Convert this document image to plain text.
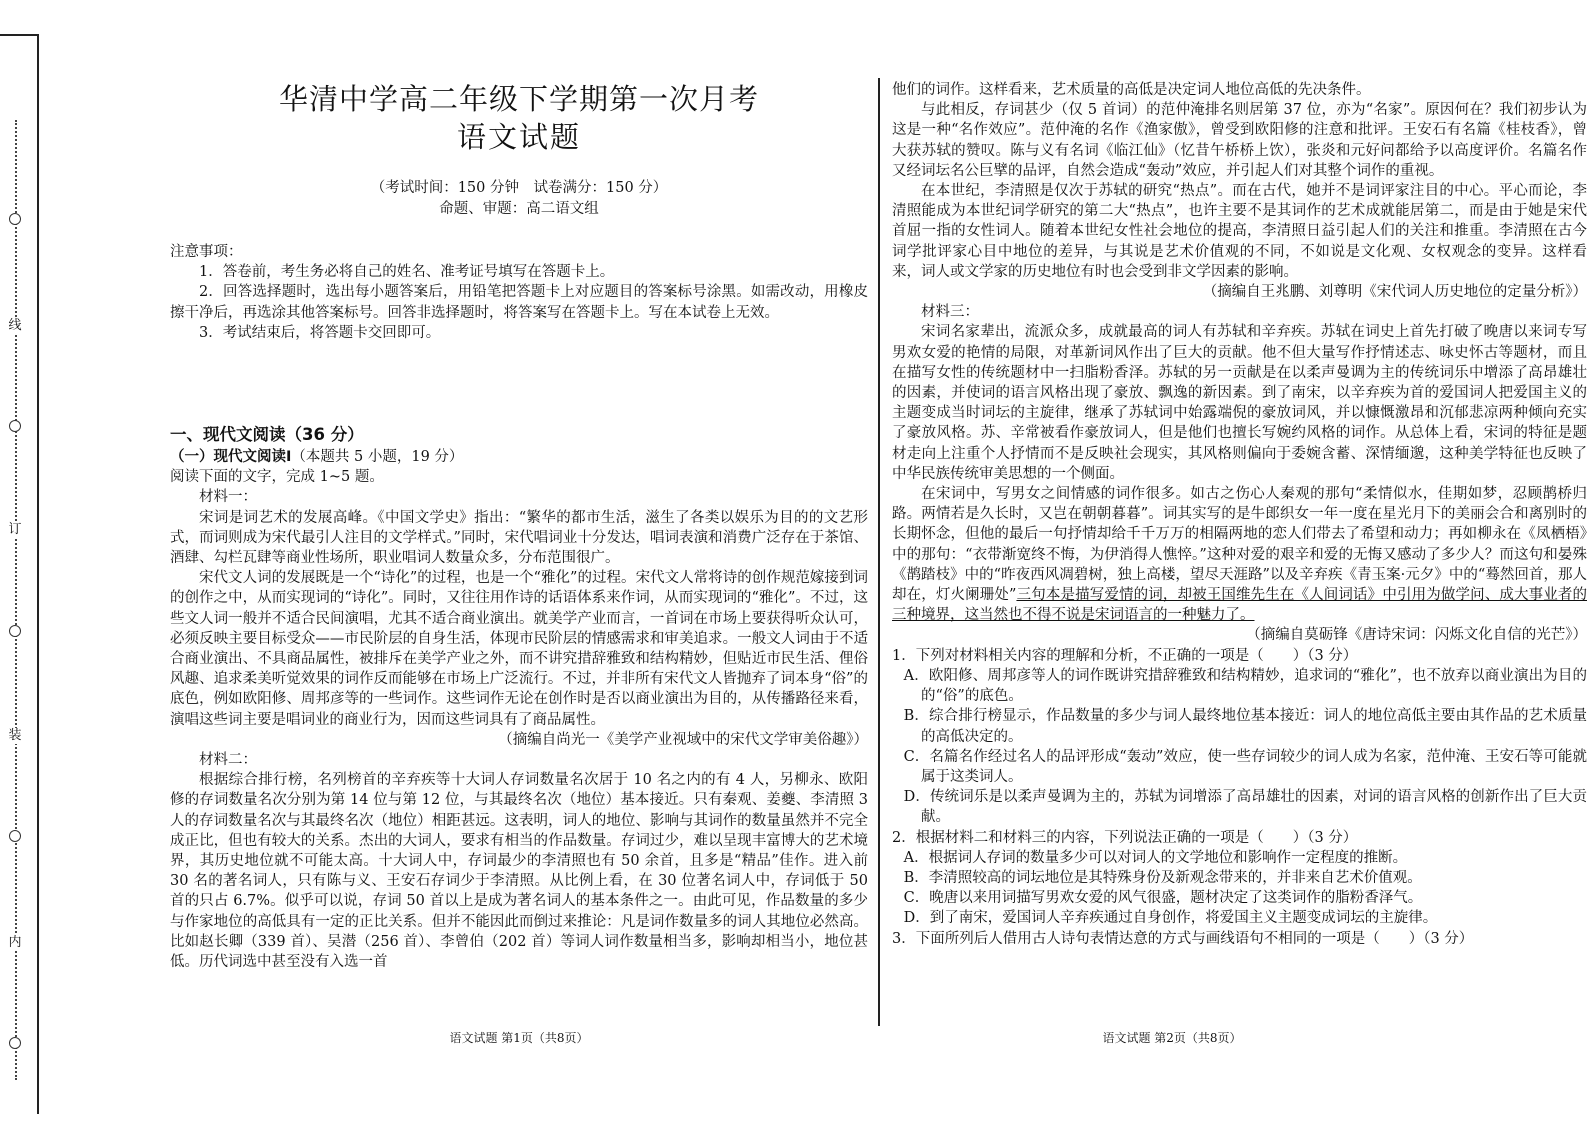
线
订
装
内
华清中学高二年级下学期第一次月考
语文试题
（考试时间：150 分钟　试卷满分：150 分）
命题、审题：高二语文组

注意事项：

1．答卷前，考生务必将自己的姓名、准考证号填写在答题卡上。

2．回答选择题时，选出每小题答案后，用铅笔把答题卡上对应题目的答案标号涂黑。如需改动，用橡皮擦干净后，再选涂其他答案标号。回答非选择题时，将答案写在答题卡上。写在本试卷上无效。

3．考试结束后，将答题卡交回即可。

一、现代文阅读（36 分）

（一）现代文阅读Ⅰ（本题共 5 小题，19 分）

阅读下面的文字，完成 1~5 题。

材料一：

宋词是词艺术的发展高峰。《中国文学史》指出：“繁华的都市生活，滋生了各类以娱乐为目的的文艺形式，而词则成为宋代最引人注目的文学样式。”同时，宋代唱词业十分发达，唱词表演和消费广泛存在于茶馆、酒肆、勾栏瓦肆等商业性场所，职业唱词人数量众多，分布范围很广。

宋代文人词的发展既是一个“诗化”的过程，也是一个“雅化”的过程。宋代文人常将诗的创作规范嫁接到词的创作之中，从而实现词的“诗化”。同时，又往往用作诗的话语体系来作词，从而实现词的“雅化”。不过，这些文人词一般并不适合民间演唱，尤其不适合商业演出。就美学产业而言，一首词在市场上要获得听众认可，必须反映主要目标受众——市民阶层的自身生活，体现市民阶层的情感需求和审美追求。一般文人词由于不适合商业演出、不具商品属性，被排斥在美学产业之外，而不讲究措辞雅致和结构精妙，但贴近市民生活、俚俗风趣、追求柔美听觉效果的词作反而能够在市场上广泛流行。不过，并非所有宋代文人皆抛弃了词本身“俗”的底色，例如欧阳修、周邦彦等的一些词作。这些词作无论在创作时是否以商业演出为目的，从传播路径来看，演唱这些词主要是唱词业的商业行为，因而这些词具有了商品属性。

（摘编自尚光一《美学产业视域中的宋代文学审美俗趣》）

材料二：

根据综合排行榜，名列榜首的辛弃疾等十大词人存词数量名次居于 10 名之内的有 4 人，另柳永、欧阳修的存词数量名次分别为第 14 位与第 12 位，与其最终名次（地位）基本接近。只有秦观、姜夔、李清照 3 人的存词数量名次与其最终名次（地位）相距甚远。这表明，词人的地位、影响与其词作的数量虽然并不完全成正比，但也有较大的关系。杰出的大词人，要求有相当的作品数量。存词过少，难以呈现丰富博大的艺术境界，其历史地位就不可能太高。十大词人中，存词最少的李清照也有 50 余首，且多是“精品”佳作。进入前 30 名的著名词人，只有陈与义、王安石存词少于李清照。从比例上看，在 30 位著名词人中，存词低于 50 首的只占 6.7%。似乎可以说，存词 50 首以上是成为著名词人的基本条件之一。由此可见，作品数量的多少与作家地位的高低具有一定的正比关系。但并不能因此而倒过来推论：凡是词作数量多的词人其地位必然高。比如赵长卿（339 首）、吴潜（256 首）、李曾伯（202 首）等词人词作数量相当多，影响却相当小，地位甚低。历代词选中甚至没有入选一首

他们的词作。这样看来，艺术质量的高低是决定词人地位高低的先决条件。

与此相反，存词甚少（仅 5 首词）的范仲淹排名则居第 37 位，亦为“名家”。原因何在？我们初步认为这是一种“名作效应”。范仲淹的名作《渔家傲》，曾受到欧阳修的注意和批评。王安石有名篇《桂枝香》，曾大获苏轼的赞叹。陈与义有名词《临江仙》（忆昔午桥桥上饮），张炎和元好问都给予以高度评价。名篇名作又经词坛名公巨擘的品评，自然会造成“轰动”效应，并引起人们对其整个词作的重视。

在本世纪，李清照是仅次于苏轼的研究“热点”。而在古代，她并不是词评家注目的中心。平心而论，李清照能成为本世纪词学研究的第二大“热点”，也许主要不是其词作的艺术成就能居第二，而是由于她是宋代首屈一指的女性词人。随着本世纪女性社会地位的提高，李清照日益引起人们的关注和推重。李清照在古今词学批评家心目中地位的差异，与其说是艺术价值观的不同，不如说是文化观、女权观念的变异。这样看来，词人或文学家的历史地位有时也会受到非文学因素的影响。

（摘编自王兆鹏、刘尊明《宋代词人历史地位的定量分析》）

材料三：

宋词名家辈出，流派众多，成就最高的词人有苏轼和辛弃疾。苏轼在词史上首先打破了晚唐以来词专写男欢女爱的艳情的局限，对革新词风作出了巨大的贡献。他不但大量写作抒情述志、咏史怀古等题材，而且在描写女性的传统题材中一扫脂粉香泽。苏轼的另一贡献是在以柔声曼调为主的传统词乐中增添了高昂雄壮的因素，并使词的语言风格出现了豪放、飘逸的新因素。到了南宋，以辛弃疾为首的爱国词人把爱国主义的主题变成当时词坛的主旋律，继承了苏轼词中始露端倪的豪放词风，并以慷慨激昂和沉郁悲凉两种倾向充实了豪放风格。苏、辛常被看作豪放词人，但是他们也擅长写婉约风格的词作。从总体上看，宋词的特征是题材走向上注重个人抒情而不是反映社会现实，其风格则偏向于委婉含蓄、深情缅邈，这种美学特征也反映了中华民族传统审美思想的一个侧面。

在宋词中，写男女之间情感的词作很多。如古之伤心人秦观的那句“柔情似水，佳期如梦，忍顾鹊桥归路。两情若是久长时，又岂在朝朝暮暮”。词其实写的是牛郎织女一年一度在星光月下的美丽会合和离别时的长期怀念，但他的最后一句抒情却给千千万万的相隔两地的恋人们带去了希望和动力；再如柳永在《凤栖梧》中的那句：“衣带渐宽终不悔，为伊消得人憔悴。”这种对爱的艰辛和爱的无悔又感动了多少人？而这句和晏殊《鹊踏枝》中的“昨夜西风凋碧树，独上高楼，望尽天涯路”以及辛弃疾《青玉案·元夕》中的“蓦然回首，那人却在，灯火阑珊处”三句本是描写爱情的词，却被王国维先生在《人间词话》中引用为做学问、成大事业者的三种境界，这当然也不得不说是宋词语言的一种魅力了。

（摘编自莫砺锋《唐诗宋词：闪烁文化自信的光芒》）

1．下列对材料相关内容的理解和分析，不正确的一项是（　　）（3 分）

A．欧阳修、周邦彦等人的词作既讲究措辞雅致和结构精妙，追求词的“雅化”，也不放弃以商业演出为目的的“俗”的底色。

B．综合排行榜显示，作品数量的多少与词人最终地位基本接近：词人的地位高低主要由其作品的艺术质量的高低决定的。

C．名篇名作经过名人的品评形成“轰动”效应，使一些存词较少的词人成为名家，范仲淹、王安石等可能就属于这类词人。

D．传统词乐是以柔声曼调为主的，苏轼为词增添了高昂雄壮的因素，对词的语言风格的创新作出了巨大贡献。

2．根据材料二和材料三的内容，下列说法正确的一项是（　　）（3 分）

A．根据词人存词的数量多少可以对词人的文学地位和影响作一定程度的推断。

B．李清照较高的词坛地位是其特殊身份及新观念带来的，并非来自艺术价值观。

C．晚唐以来用词描写男欢女爱的风气很盛，题材决定了这类词作的脂粉香泽气。

D．到了南宋，爱国词人辛弃疾通过自身创作，将爱国主义主题变成词坛的主旋律。

3．下面所列后人借用古人诗句表情达意的方式与画线语句不相同的一项是（　　）（3 分）

语文试题 第1页（共8页）	语文试题 第2页（共8页）
